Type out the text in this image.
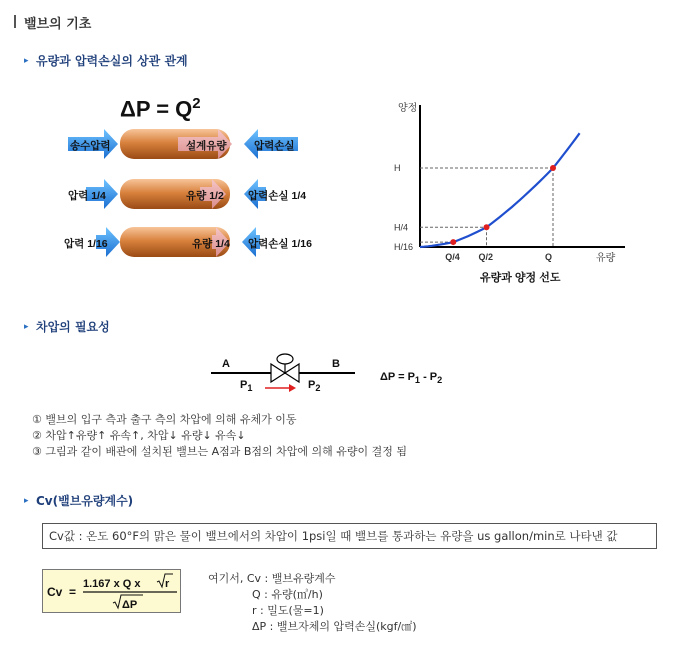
밸브의 기초
▸ 유량과 압력손실의 상관 관계
$\Delta P = Q^2$
송수압력	설계유량	압력손실
압력 1/4	유량 1/2 압력손실 1/4
압력 1/16	유량 1/4 압력손실 1/16
양정
유량
유량과 양정 선도
Q/4
H/16
Q/2
H/4
Q
H
▸ 차압의 필요성
A	B
$P_1$	$P_2$
$\Delta P = P_1 - P_2$
① 밸브의 입구 측과 출구 측의 차압에 의해 유체가 이동
② 차압↑유량↑ 유속↑, 차압↓ 유량↓ 유속↓
③ 그림과 같이 배관에 설치된 밸브는 A점과 B점의 차압에 의해 유량이 결정 됨
▸ Cv(밸브유량계수)
Cv값 : 온도 60°F의 맑은 물이 밸브에서의 차압이 1psi일 때 밸브를 통과하는 유량을 us gallon/min로 나타낸 값
Cv =
1.167 x Q x r
ΔP
여기서, Cv : 밸브유량계수
Q : 유량(㎥/h)
r : 밀도(물=1)
ΔP : 밸브자체의 압력손실(kgf/㎠)
